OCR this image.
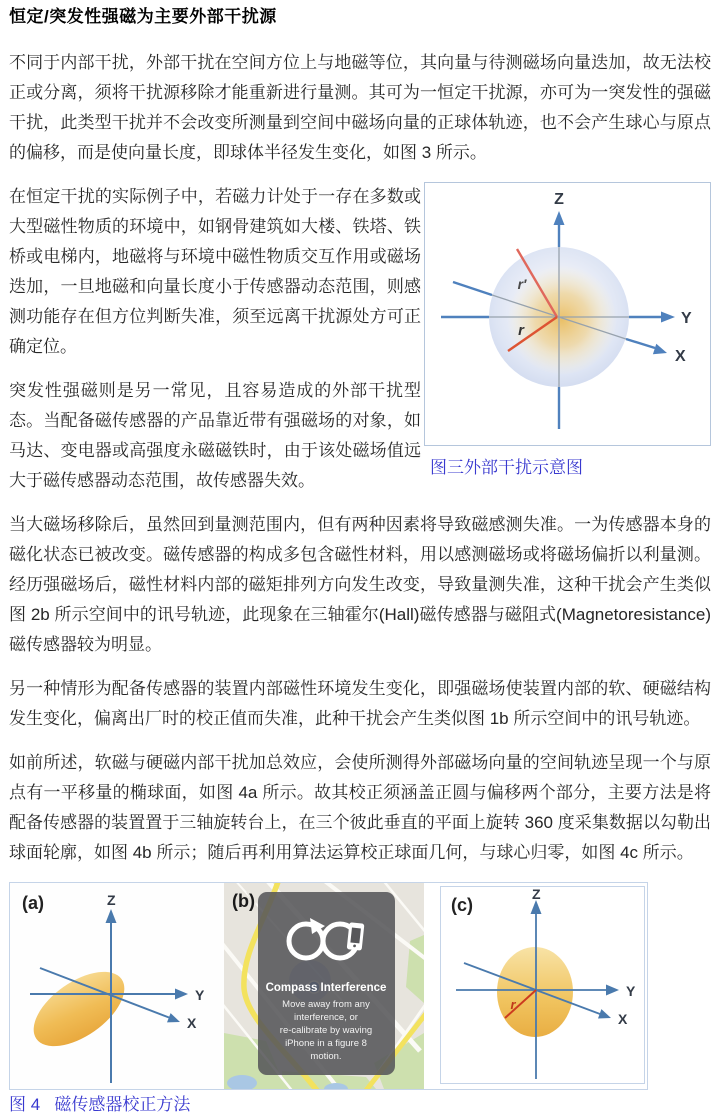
恒定/突发性强磁为主要外部干扰源
不同于内部干扰，外部干扰在空间方位上与地磁等位，其向量与待测磁场向量迭加，故无法校正或分离，须将干扰源移除才能重新进行量测。其可为一恒定干扰源，亦可为一突发性的强磁干扰，此类型干扰并不会改变所测量到空间中磁场向量的正球体轨迹，也不会产生球心与原点的偏移，而是使向量长度，即球体半径发生变化，如图 3 所示。
在恒定干扰的实际例子中，若磁力计处于一存在多数或大型磁性物质的环境中，如钢骨建筑如大楼、铁塔、铁桥或电梯内，地磁将与环境中磁性物质交互作用或磁场迭加，一旦地磁和向量长度小于传感器动态范围，则感测功能存在但方位判断失准，须至远离干扰源处方可正确定位。
突发性强磁则是另一常见，且容易造成的外部干扰型态。当配备磁传感器的产品靠近带有强磁场的对象，如马达、变电器或高强度永磁磁铁时，由于该处磁场值远大于磁传感器动态范围，故传感器失效。
Z
Y
X
r′
r
图三外部干扰示意图
当大磁场移除后，虽然回到量测范围内，但有两种因素将导致磁感测失准。一为传感器本身的磁化状态已被改变。磁传感器的构成多包含磁性材料，用以感测磁场或将磁场偏折以利量测。经历强磁场后，磁性材料内部的磁矩排列方向发生改变，导致量测失准，这种干扰会产生类似图 2b 所示空间中的讯号轨迹，此现象在三轴霍尔(Hall)磁传感器与磁阻式(Magnetoresistance)磁传感器较为明显。
另一种情形为配备传感器的装置内部磁性环境发生变化，即强磁场使装置内部的软、硬磁结构发生变化，偏离出厂时的校正值而失准，此种干扰会产生类似图 1b 所示空间中的讯号轨迹。
如前所述，软磁与硬磁内部干扰加总效应，会使所测得外部磁场向量的空间轨迹呈现一个与原点有一平移量的椭球面，如图 4a 所示。故其校正须涵盖正圆与偏移两个部分，主要方法是将配备传感器的装置置于三轴旋转台上，在三个彼此垂直的平面上旋转 360 度采集数据以勾勒出球面轮廓，如图 4b 所示；随后再利用算法运算校正球面几何，与球心归零，如图 4c 所示。
(a)	Z
Y
X
Compass Interference
Move away from any
interference, or
re-calibrate by waving
iPhone in a figure 8
motion.
(b)	(c)
Z
Y
X
r
图 4   磁传感器校正方法
